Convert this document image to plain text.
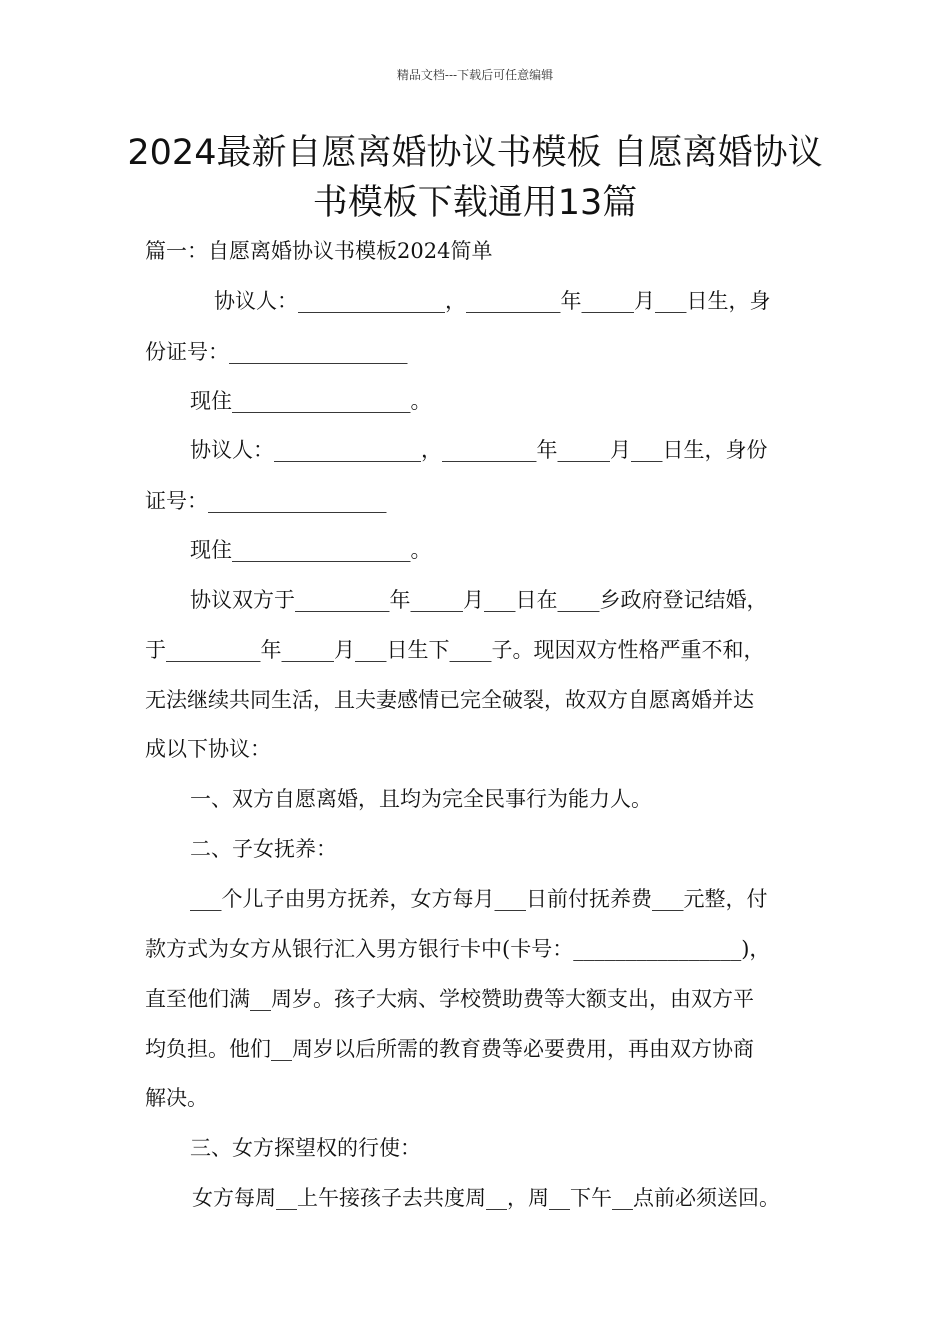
精品文档---下载后可任意编辑
2024最新自愿离婚协议书模板 自愿离婚协议书模板下载通用13篇
篇一：自愿离婚协议书模板2024简单
协议人：______________，_________年_____月___日生，身
份证号：_________________
现住_________________。
协议人：______________，_________年_____月___日生，身份
证号：_________________
现住_________________。
协议双方于_________年_____月___日在____乡政府登记结婚，
于_________年_____月___日生下____子。现因双方性格严重不和，
无法继续共同生活，且夫妻感情已完全破裂，故双方自愿离婚并达
成以下协议：
一、双方自愿离婚，且均为完全民事行为能力人。
二、子女抚养：
___个儿子由男方抚养，女方每月___日前付抚养费___元整，付
款方式为女方从银行汇入男方银行卡中(卡号：________________)，
直至他们满__周岁。孩子大病、学校赞助费等大额支出，由双方平
均负担。他们__周岁以后所需的教育费等必要费用，再由双方协商
解决。
三、女方探望权的行使：
女方每周__上午接孩子去共度周__，周__下午__点前必须送回。
